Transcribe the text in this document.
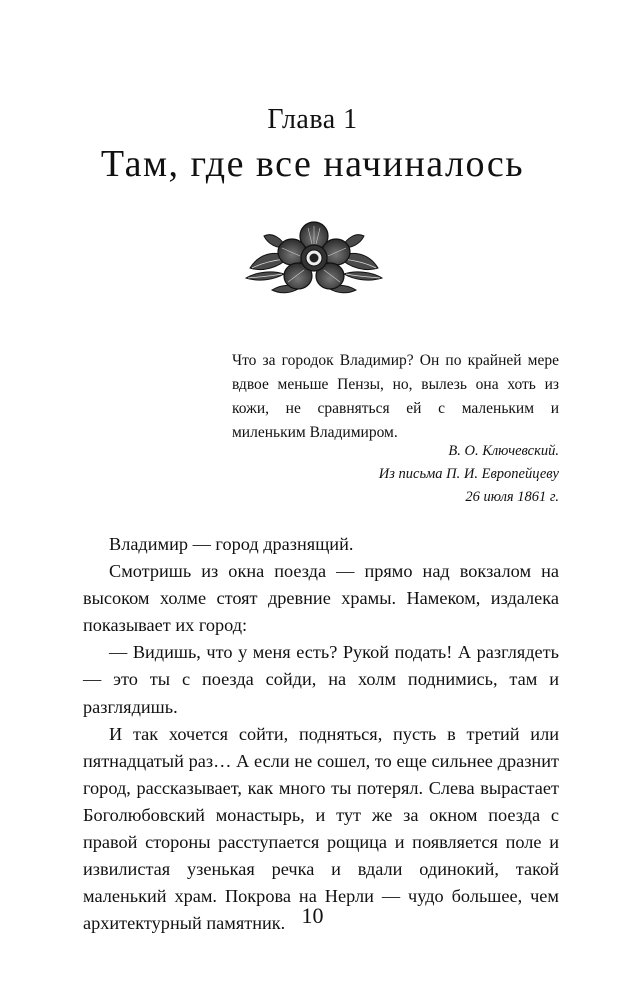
Глава 1
Там, где все начиналось

Что за городок Владимир? Он по крайней мере вдвое меньше Пензы, но, вылезь она хоть из кожи, не сравняться ей с маленьким и миленьким Владимиром.

В. О. Ключевский.
Из письма П. И. Европейцеву
26 июля 1861 г.

Владимир — город дразнящий.

Смотришь из окна поезда — прямо над вокзалом на высоком холме стоят древние храмы. Намеком, издалека показывает их город:

— Видишь, что у меня есть? Рукой подать! А разглядеть — это ты с поезда сойди, на холм поднимись, там и разглядишь.

И так хочется сойти, подняться, пусть в третий или пятнадцатый раз… А если не сошел, то еще сильнее дразнит город, рассказывает, как много ты потерял. Слева вырастает Боголюбовский монастырь, и тут же за окном поезда с правой стороны расступается рощица и появляется поле и извилистая узенькая речка и вдали одинокий, такой маленький храм. Покрова на Нерли — чудо большее, чем архитектурный памятник. 10
